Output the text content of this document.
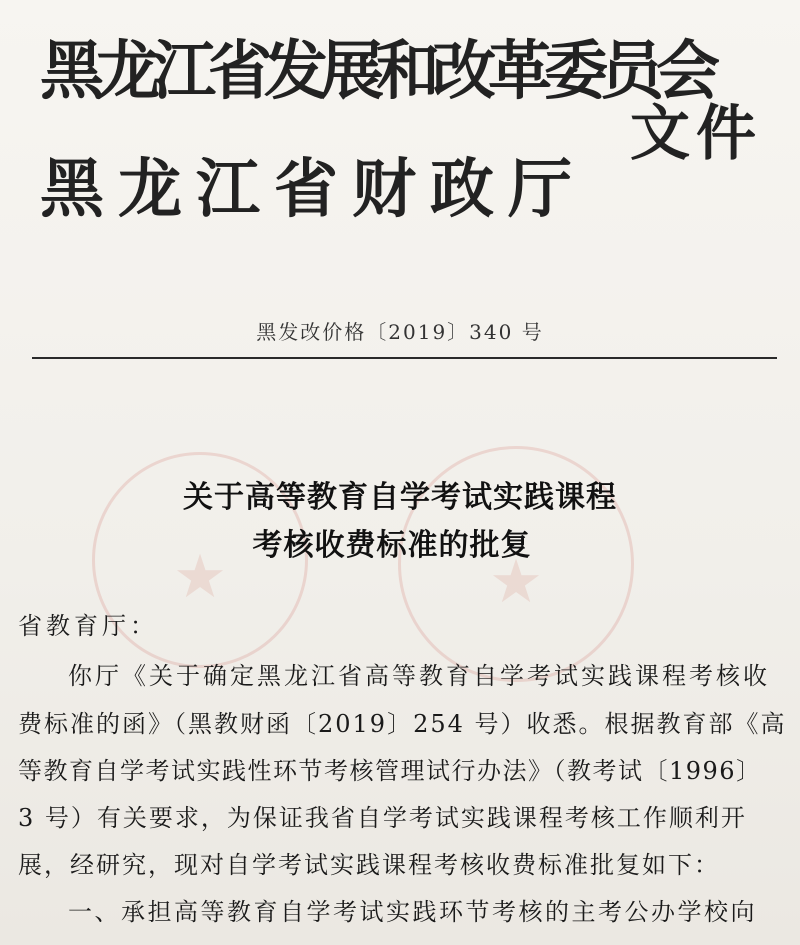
★	★
黑龙江省发展和改革委员会
黑龙江省财政厅
文件
黑发改价格〔2019〕340 号
关于高等教育自学考试实践课程
考核收费标准的批复
省教育厅：
你厅《关于确定黑龙江省高等教育自学考试实践课程考核收
费标准的函》（黑教财函〔2019〕254 号）收悉。根据教育部《高
等教育自学考试实践性环节考核管理试行办法》（教考试〔1996〕
3 号）有关要求，为保证我省自学考试实践课程考核工作顺利开
展，经研究，现对自学考试实践课程考核收费标准批复如下：
一、承担高等教育自学考试实践环节考核的主考公办学校向
